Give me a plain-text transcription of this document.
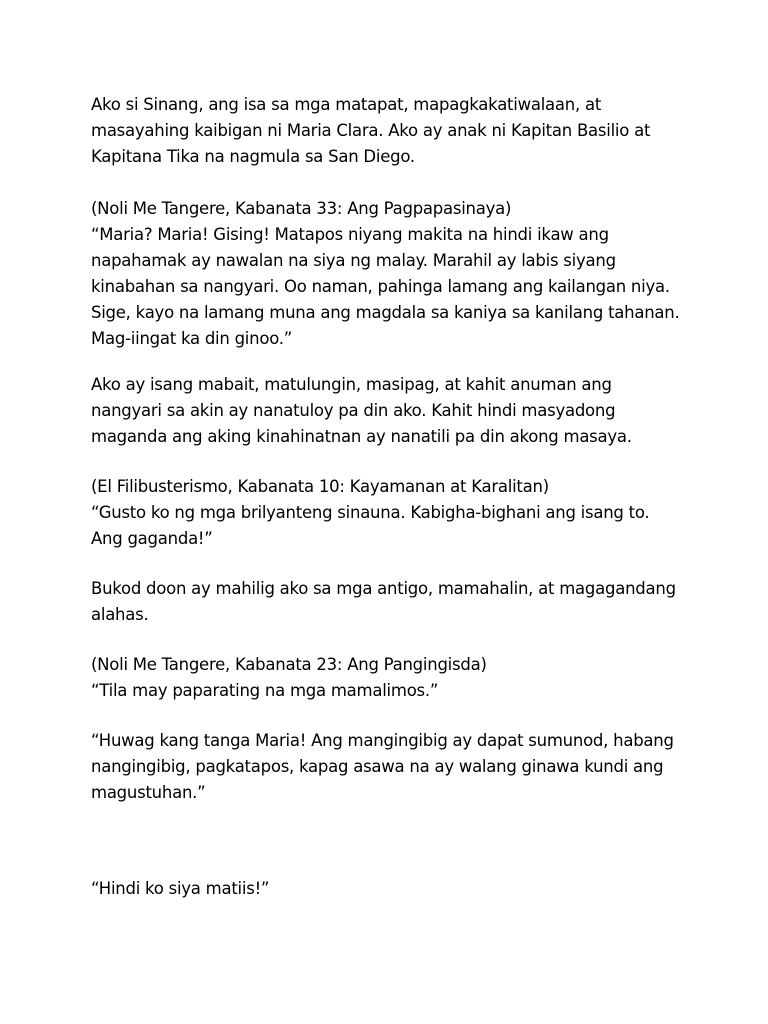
Ako si Sinang, ang isa sa mga matapat, mapagkakatiwalaan, at
masayahing kaibigan ni Maria Clara. Ako ay anak ni Kapitan Basilio at
Kapitana Tika na nagmula sa San Diego.
(Noli Me Tangere, Kabanata 33: Ang Pagpapasinaya)
“Maria? Maria! Gising! Matapos niyang makita na hindi ikaw ang
napahamak ay nawalan na siya ng malay. Marahil ay labis siyang
kinabahan sa nangyari. Oo naman, pahinga lamang ang kailangan niya.
Sige, kayo na lamang muna ang magdala sa kaniya sa kanilang tahanan.
Mag-iingat ka din ginoo.”
Ako ay isang mabait, matulungin, masipag, at kahit anuman ang
nangyari sa akin ay nanatuloy pa din ako. Kahit hindi masyadong
maganda ang aking kinahinatnan ay nanatili pa din akong masaya.
(El Filibusterismo, Kabanata 10: Kayamanan at Karalitan)
“Gusto ko ng mga brilyanteng sinauna. Kabigha-bighani ang isang to.
Ang gaganda!”
Bukod doon ay mahilig ako sa mga antigo, mamahalin, at magagandang
alahas.
(Noli Me Tangere, Kabanata 23: Ang Pangingisda)
“Tila may paparating na mga mamalimos.”
“Huwag kang tanga Maria! Ang mangingibig ay dapat sumunod, habang
nangingibig, pagkatapos, kapag asawa na ay walang ginawa kundi ang
magustuhan.”
“Hindi ko siya matiis!”
